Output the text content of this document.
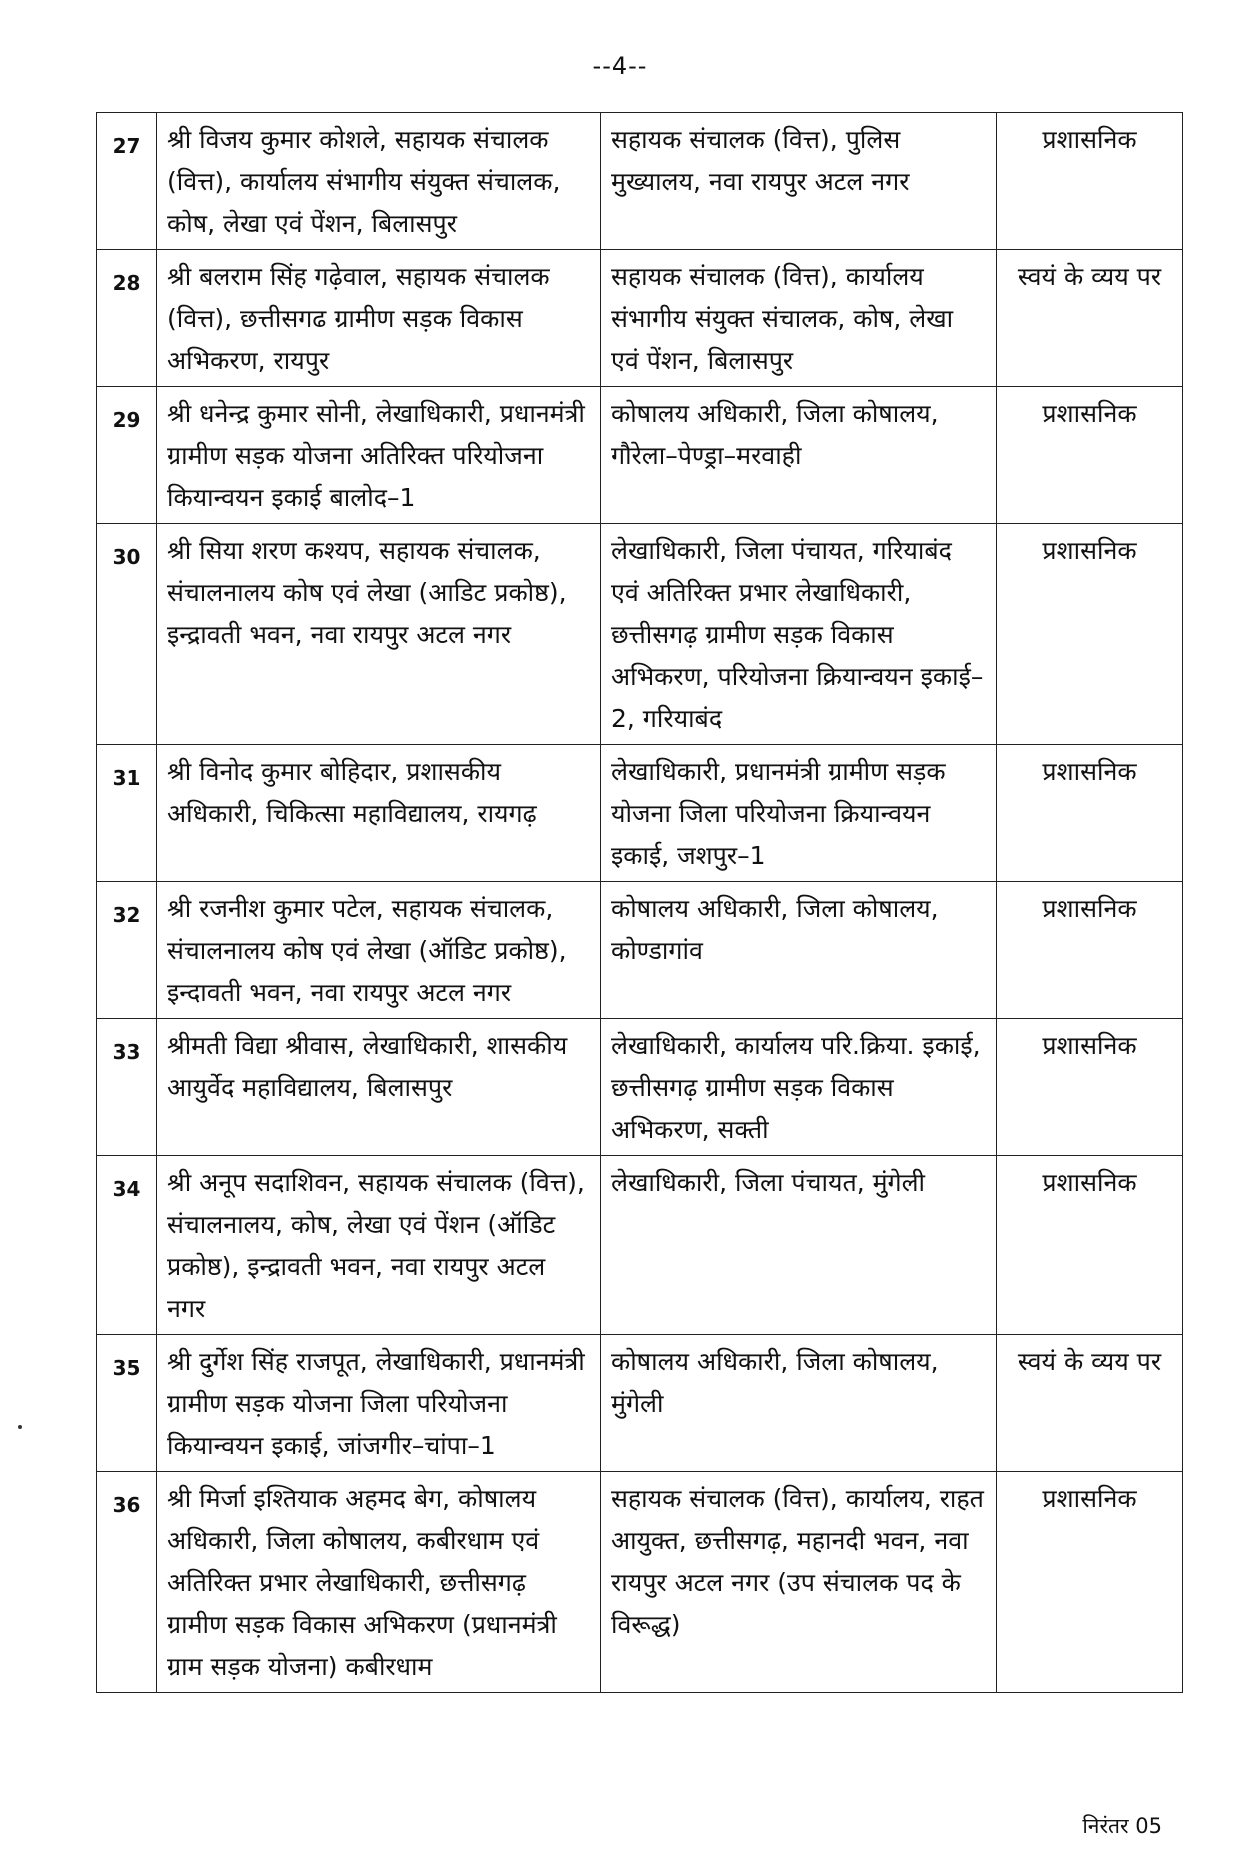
--4--
27	श्री विजय कुमार कोशले, सहायक संचालक (वित्त), कार्यालय संभागीय संयुक्त संचालक, कोष, लेखा एवं पेंशन, बिलासपुर	सहायक संचालक (वित्त), पुलिस मुख्यालय, नवा रायपुर अटल नगर	प्रशासनिक
28	श्री बलराम सिंह गढ़ेवाल, सहायक संचालक (वित्त), छत्तीसगढ ग्रामीण सड़क विकास अभिकरण, रायपुर	सहायक संचालक (वित्त), कार्यालय संभागीय संयुक्त संचालक, कोष, लेखा एवं पेंशन, बिलासपुर	स्वयं के व्यय पर
29	श्री धनेन्द्र कुमार सोनी, लेखाधिकारी, प्रधानमंत्री ग्रामीण सड़क योजना अतिरिक्त परियोजना कियान्वयन इकाई बालोद–1	कोषालय अधिकारी, जिला कोषालय, गौरेला–पेण्ड्रा–मरवाही	प्रशासनिक
30	श्री सिया शरण कश्यप, सहायक संचालक, संचालनालय कोष एवं लेखा (आडिट प्रकोष्ठ), इन्द्रावती भवन, नवा रायपुर अटल नगर	लेखाधिकारी, जिला पंचायत, गरियाबंद एवं अतिरिक्त प्रभार लेखाधिकारी, छत्तीसगढ़ ग्रामीण सड़क विकास अभिकरण, परियोजना क्रियान्वयन इकाई–2, गरियाबंद	प्रशासनिक
31	श्री विनोद कुमार बोहिदार, प्रशासकीय अधिकारी, चिकित्सा महाविद्यालय, रायगढ़	लेखाधिकारी, प्रधानमंत्री ग्रामीण सड़क योजना जिला परियोजना क्रियान्वयन इकाई, जशपुर–1	प्रशासनिक
32	श्री रजनीश कुमार पटेल, सहायक संचालक, संचालनालय कोष एवं लेखा (ऑडिट प्रकोष्ठ), इन्दावती भवन, नवा रायपुर अटल नगर	कोषालय अधिकारी, जिला कोषालय, कोण्डागांव	प्रशासनिक
33	श्रीमती विद्या श्रीवास, लेखाधिकारी, शासकीय आयुर्वेद महाविद्यालय, बिलासपुर	लेखाधिकारी, कार्यालय परि.क्रिया. इकाई, छत्तीसगढ़ ग्रामीण सड़क विकास अभिकरण, सक्ती	प्रशासनिक
34	श्री अनूप सदाशिवन, सहायक संचालक (वित्त), संचालनालय, कोष, लेखा एवं पेंशन (ऑडिट प्रकोष्ठ), इन्द्रावती भवन, नवा रायपुर अटल नगर	लेखाधिकारी, जिला पंचायत, मुंगेली	प्रशासनिक
35	श्री दुर्गेश सिंह राजपूत, लेखाधिकारी, प्रधानमंत्री ग्रामीण सड़क योजना जिला परियोजना कियान्वयन इकाई, जांजगीर–चांपा–1	कोषालय अधिकारी, जिला कोषालय, मुंगेली	स्वयं के व्यय पर
36	श्री मिर्जा इश्तियाक अहमद बेग, कोषालय अधिकारी, जिला कोषालय, कबीरधाम एवं अतिरिक्त प्रभार लेखाधिकारी, छत्तीसगढ़ ग्रामीण सड़क विकास अभिकरण (प्रधानमंत्री ग्राम सड़क योजना) कबीरधाम	सहायक संचालक (वित्त), कार्यालय, राहत आयुक्त, छत्तीसगढ़, महानदी भवन, नवा रायपुर अटल नगर (उप संचालक पद के विरूद्ध)	प्रशासनिक
निरंतर 05
